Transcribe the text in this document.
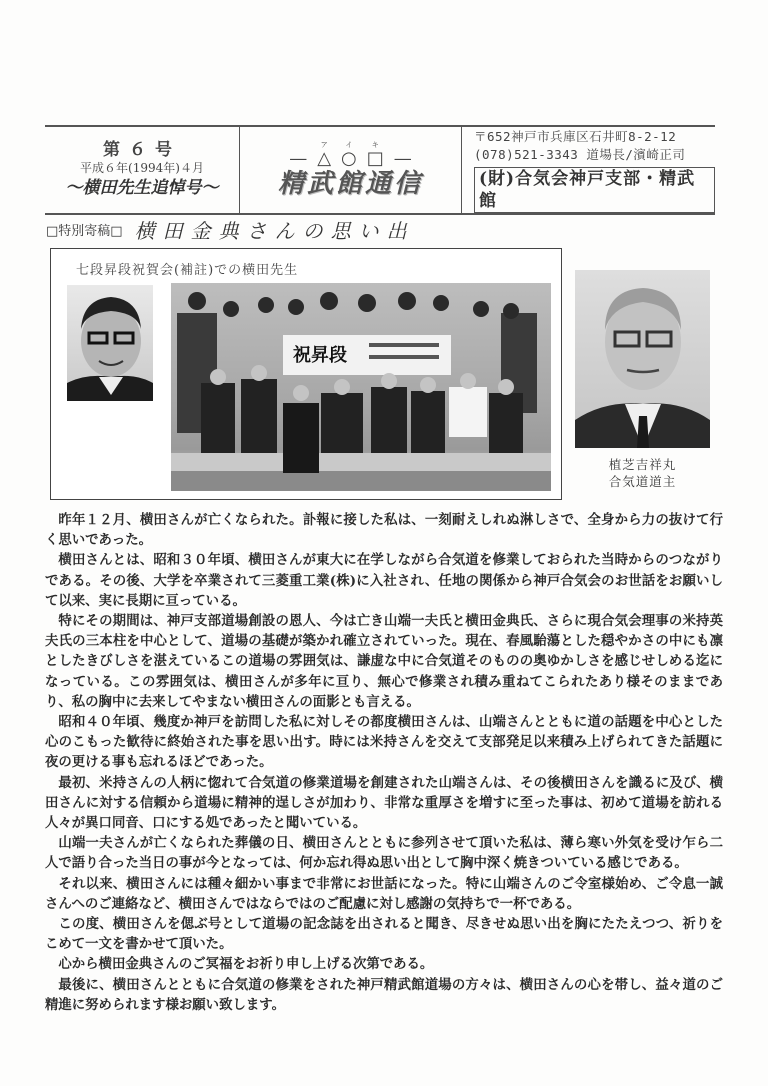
第６号
平成６年(1994年)４月
～横田先生追悼号～
—
ア
△
イ
○
キ
□ —
精武館通信
〒652神戸市兵庫区石井町8-2-12
(078)521-3343 道場長/濱崎正司
(財)合気会神戸支部・精武館
□特別寄稿□ 横田金典さんの思い出
七段昇段祝賀会(補註)での横田先生
祝昇段
植芝吉祥丸
合気道道主

昨年１２月、横田さんが亡くなられた。訃報に接した私は、一刻耐えしれぬ淋しさで、全身から力の抜けて行く思いであった。

横田さんとは、昭和３０年頃、横田さんが東大に在学しながら合気道を修業しておられた当時からのつながりである。その後、大学を卒業されて三菱重工業(株)に入社され、任地の関係から神戸合気会のお世話をお願いして以来、実に長期に亘っている。

特にその期間は、神戸支部道場創設の恩人、今は亡き山端一夫氏と横田金典氏、さらに現合気会理事の米持英夫氏の三本柱を中心として、道場の基礎が築かれ確立されていった。現在、春風駘蕩とした穏やかさの中にも凛としたきびしさを湛えているこの道場の雰囲気は、謙虚な中に合気道そのものの奥ゆかしさを感じせしめる迄になっている。この雰囲気は、横田さんが多年に亘り、無心で修業され積み重ねてこられたあり様そのままであり、私の胸中に去来してやまない横田さんの面影とも言える。

昭和４０年頃、幾度か神戸を訪問した私に対しその都度横田さんは、山端さんとともに道の話題を中心とした心のこもった歓待に終始された事を思い出す。時には米持さんを交えて支部発足以来積み上げられてきた話題に夜の更ける事も忘れるほどであった。

最初、米持さんの人柄に惚れて合気道の修業道場を創建された山端さんは、その後横田さんを識るに及び、横田さんに対する信頼から道場に精神的逞しさが加わり、非常な重厚さを増すに至った事は、初めて道場を訪れる人々が異口同音、口にする処であったと聞いている。

山端一夫さんが亡くなられた葬儀の日、横田さんとともに参列させて頂いた私は、薄ら寒い外気を受け乍ら二人で語り合った当日の事が今となっては、何か忘れ得ぬ思い出として胸中深く焼きついている感じである。

それ以来、横田さんには種々細かい事まで非常にお世話になった。特に山端さんのご令室様始め、ご令息一誠さんへのご連絡など、横田さんではならではのご配慮に対し感謝の気持ちで一杯である。

この度、横田さんを偲ぶ号として道場の記念誌を出されると聞き、尽きせぬ思い出を胸にたたえつつ、祈りをこめて一文を書かせて頂いた。

心から横田金典さんのご冥福をお祈り申し上げる次第である。

最後に、横田さんとともに合気道の修業をされた神戸精武館道場の方々は、横田さんの心を帯し、益々道のご精進に努められます様お願い致します。
